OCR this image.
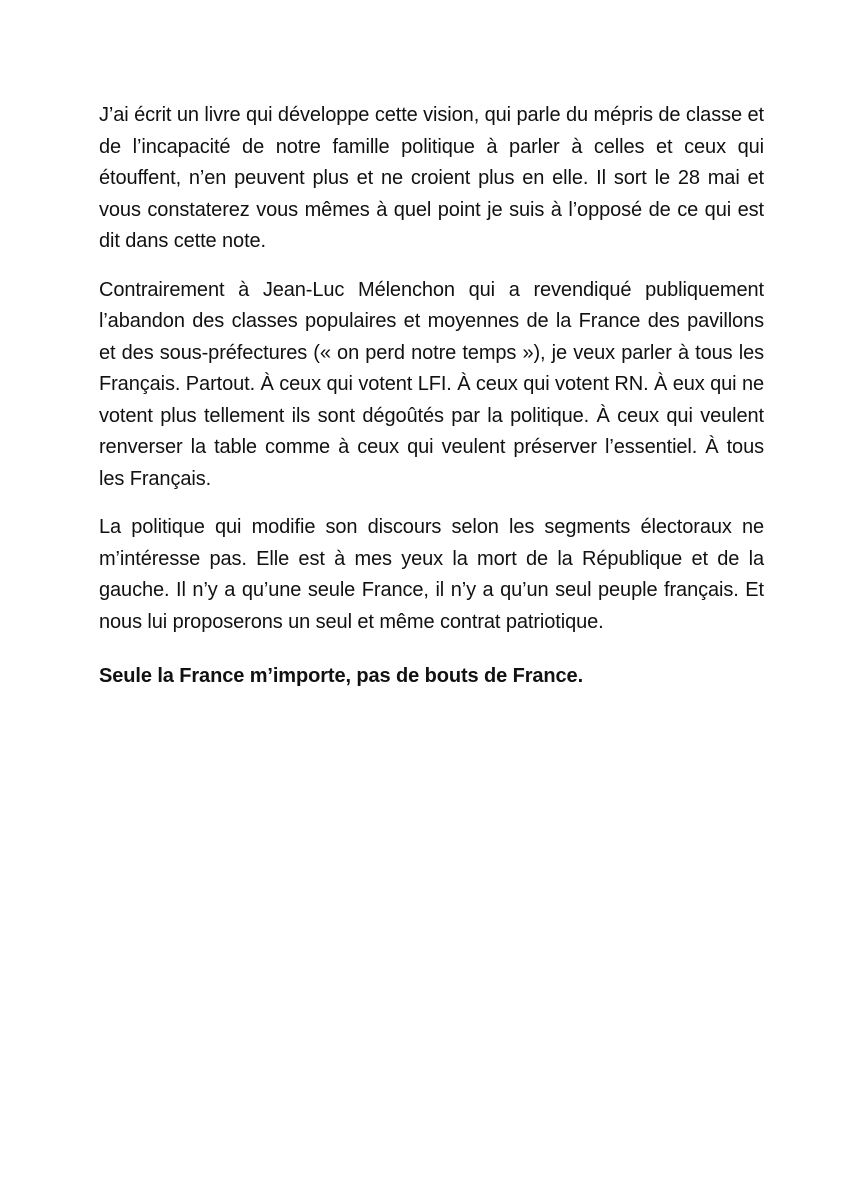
J’ai écrit un livre qui développe cette vision, qui parle du mépris de classe et de l’incapacité de notre famille politique à parler à celles et ceux qui étouffent, n’en peuvent plus et ne croient plus en elle. Il sort le 28 mai et vous constaterez vous mêmes à quel point je suis à l’opposé de ce qui est dit dans cette note.

Contrairement à Jean-Luc Mélenchon qui a revendiqué publiquement l’abandon des classes populaires et moyennes de la France des pavillons et des sous-préfectures (« on perd notre temps »), je veux parler à tous les Français. Partout. À ceux qui votent LFI. À ceux qui votent RN. À eux qui ne votent plus tellement ils sont dégoûtés par la politique. À ceux qui veulent renverser la table comme à ceux qui veulent préserver l’essentiel. À tous les Français.

La politique qui modifie son discours selon les segments électoraux ne m’intéresse pas. Elle est à mes yeux la mort de la République et de la gauche. Il n’y a qu’une seule France, il n’y a qu’un seul peuple français. Et nous lui proposerons un seul et même contrat patriotique.

Seule la France m’importe, pas de bouts de France.
